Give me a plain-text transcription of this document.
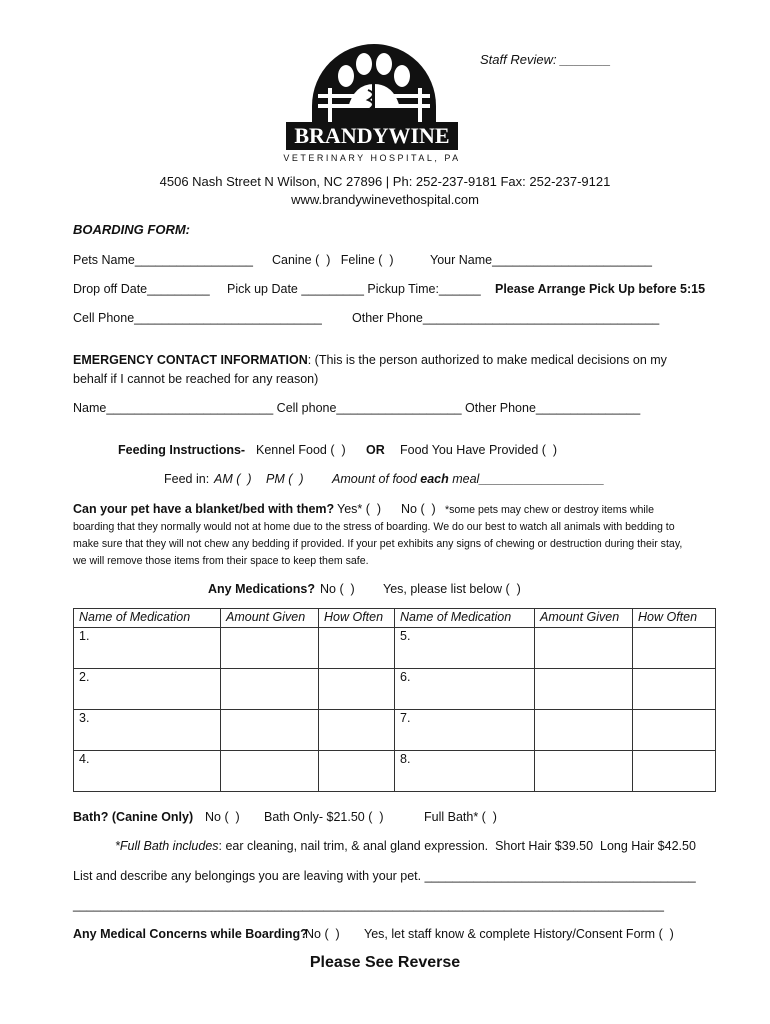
Staff Review: _______
BRANDYWINE
VETERINARY HOSPITAL, PA
4506 Nash Street N Wilson, NC 27896 | Ph: 252-237-9181 Fax: 252-237-9121
www.brandywinevethospital.com
BOARDING FORM:
Pets Name_________________ Canine (  )   Feline (  )	Your Name_______________________
Drop off Date_________ Pick up Date _________ Pickup Time:______ Please Arrange Pick Up before 5:15
Cell Phone___________________________ Other Phone__________________________________
EMERGENCY CONTACT INFORMATION: (This is the person authorized to make medical decisions on my behalf if I cannot be reached for any reason)
Name________________________ Cell phone__________________ Other Phone_______________
Feeding Instructions- Kennel Food (  ) OR Food You Have Provided (  )
Feed in: AM (  ) PM (  ) Amount of food each meal__________________
Can your pet have a blanket/bed with them? Yes* (  ) No (  ) *some pets may chew or destroy items while
boarding that they normally would not at home due to the stress of boarding. We do our best to watch all animals with bedding to make sure that they will not chew any bedding if provided. If your pet exhibits any signs of chewing or destruction during their stay, we will remove those items from their space to keep them safe.
Any Medications? No (  ) Yes, please list below (  )
Name of Medication	Amount Given	How Often	Name of Medication	Amount Given	How Often
1.			5.		
2.			6.		
3.			7.		
4.			8.		
Bath? (Canine Only) No (  ) Bath Only- $21.50 (  )	Full Bath* (  )
*Full Bath includes: ear cleaning, nail trim, & anal gland expression.  Short Hair $39.50  Long Hair $42.50
List and describe any belongings you are leaving with your pet. _______________________________________
_____________________________________________________________________________________
Any Medical Concerns while Boarding?
No (  ) Yes, let staff know & complete History/Consent Form (  )
Please See Reverse
